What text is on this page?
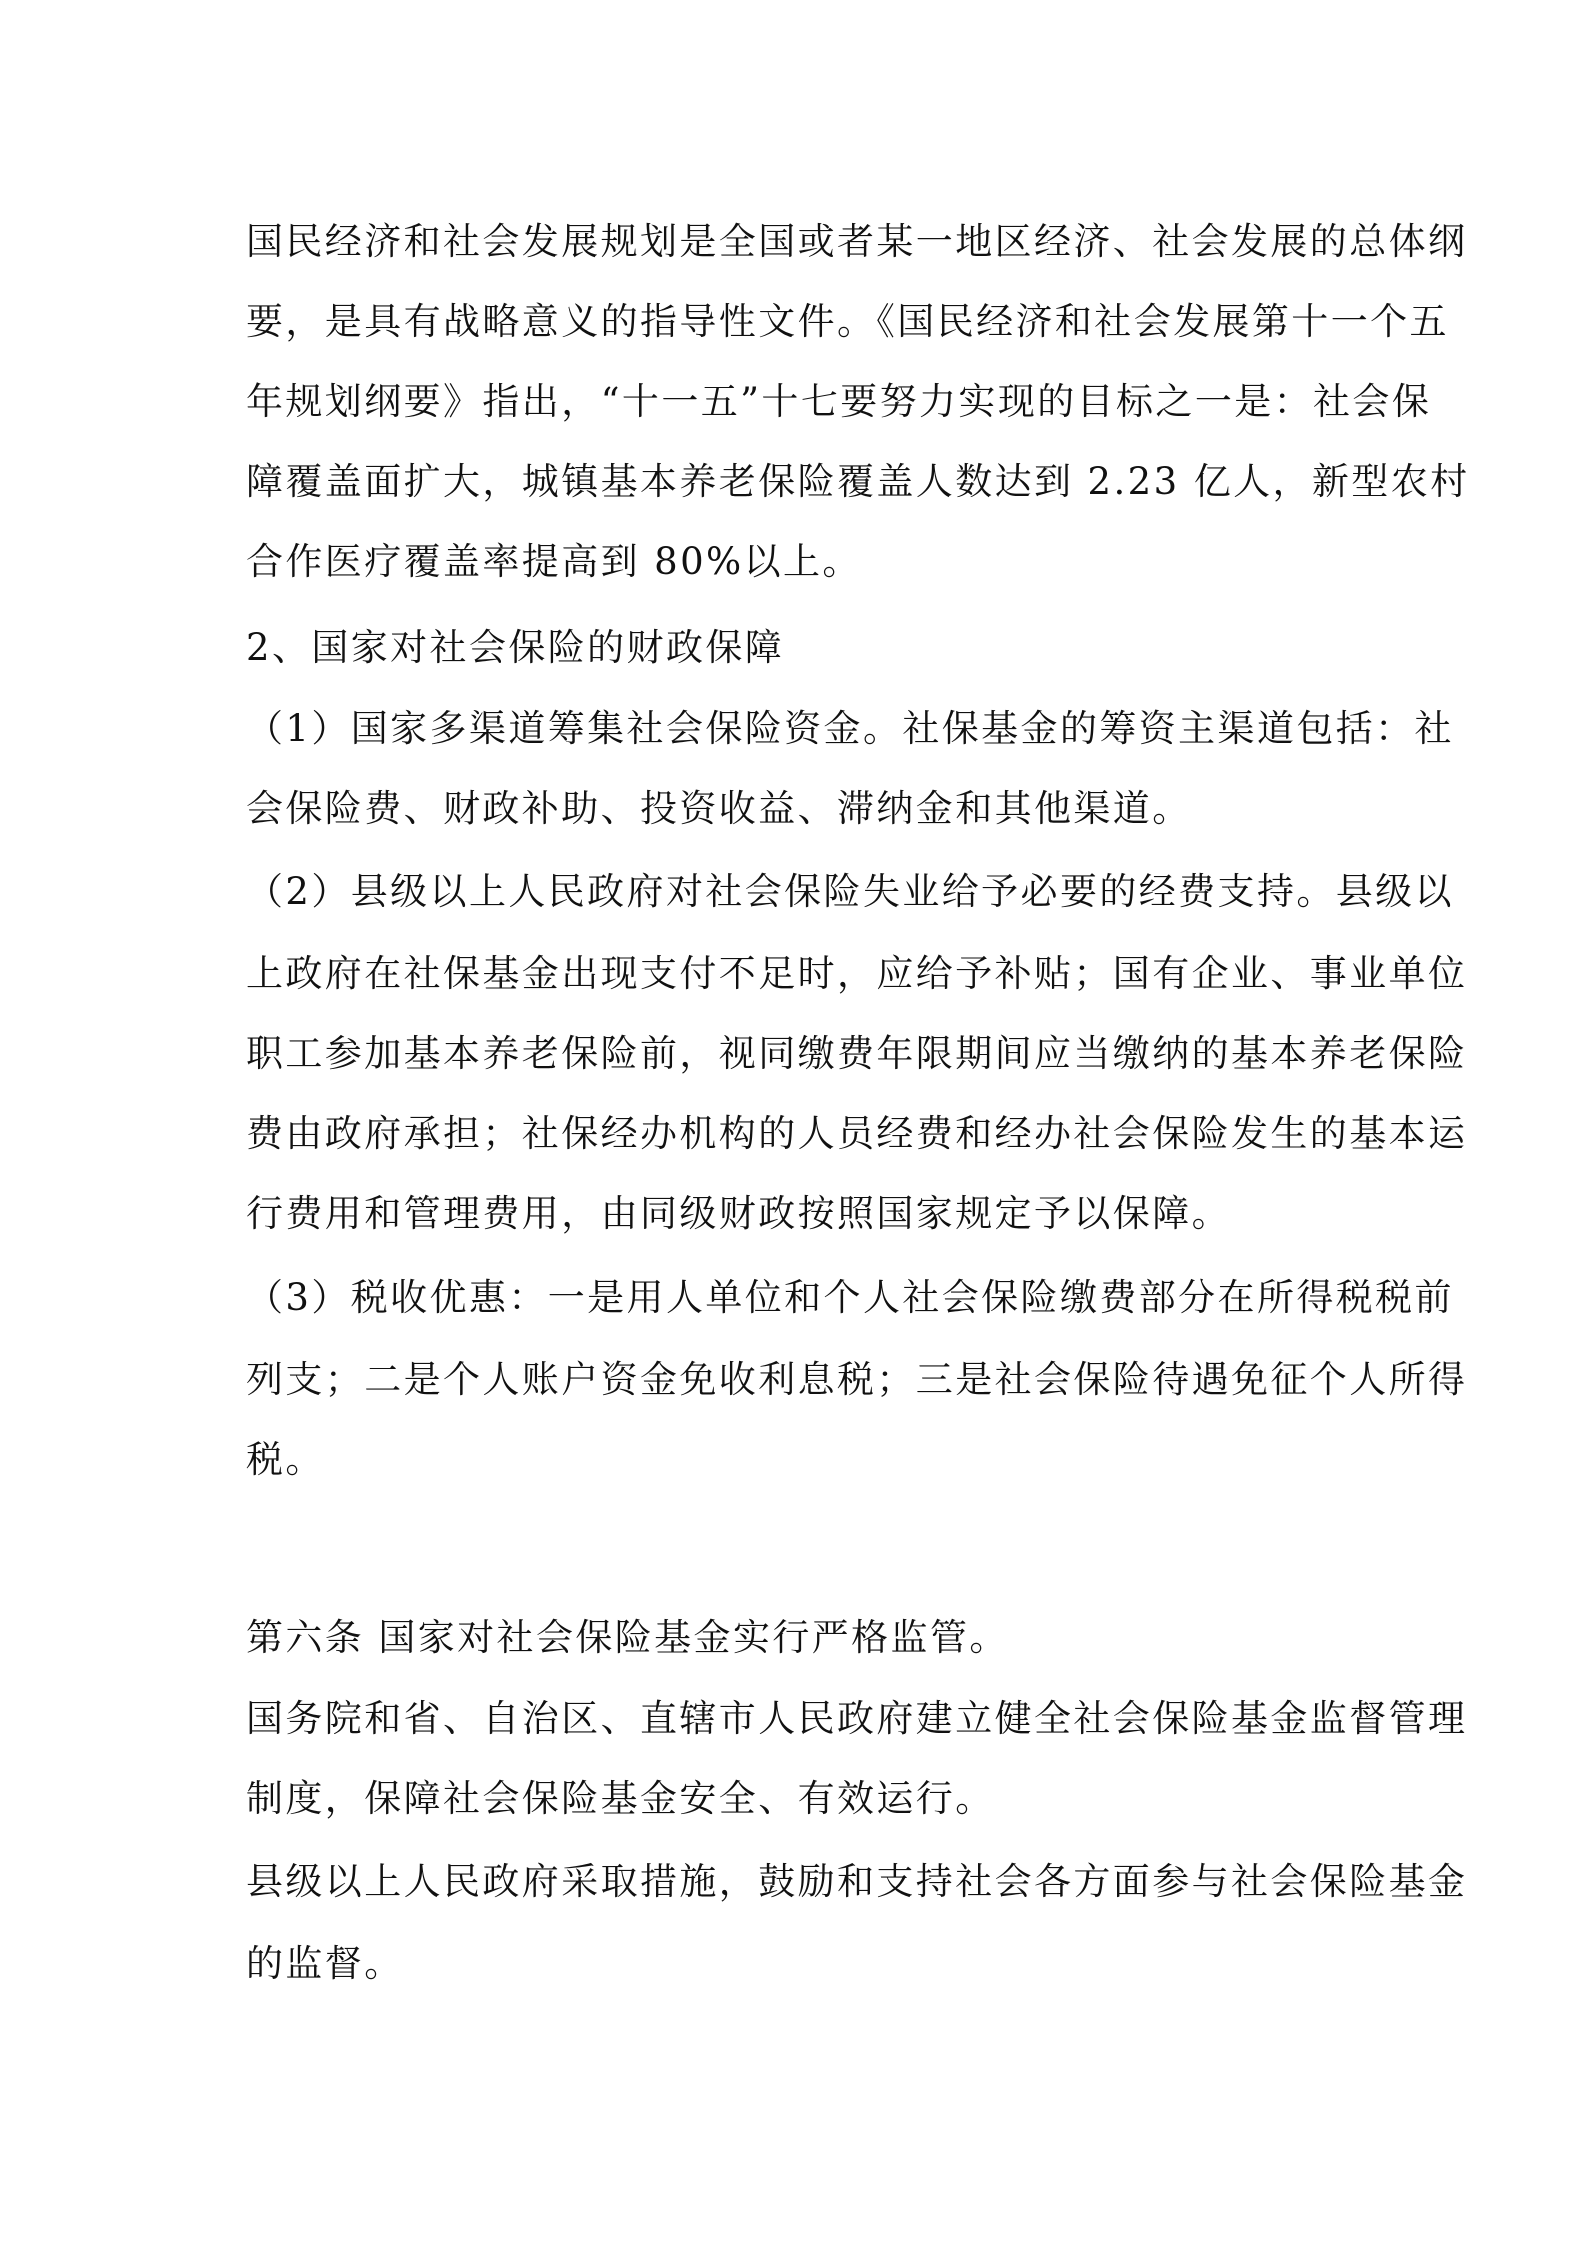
国民经济和社会发展规划是全国或者某一地区经济、社会发展的总体纲
要，是具有战略意义的指导性文件。《国民经济和社会发展第十一个五
年规划纲要》指出，“十一五”十七要努力实现的目标之一是：社会保
障覆盖面扩大，城镇基本养老保险覆盖人数达到 2.23 亿人，新型农村
合作医疗覆盖率提高到 80%以上。
2、国家对社会保险的财政保障
（1）国家多渠道筹集社会保险资金。社保基金的筹资主渠道包括：社
会保险费、财政补助、投资收益、滞纳金和其他渠道。
（2）县级以上人民政府对社会保险失业给予必要的经费支持。县级以
上政府在社保基金出现支付不足时，应给予补贴；国有企业、事业单位
职工参加基本养老保险前，视同缴费年限期间应当缴纳的基本养老保险
费由政府承担；社保经办机构的人员经费和经办社会保险发生的基本运
行费用和管理费用，由同级财政按照国家规定予以保障。
（3）税收优惠：一是用人单位和个人社会保险缴费部分在所得税税前
列支；二是个人账户资金免收利息税；三是社会保险待遇免征个人所得
税。
第六条 国家对社会保险基金实行严格监管。
国务院和省、自治区、直辖市人民政府建立健全社会保险基金监督管理
制度，保障社会保险基金安全、有效运行。
县级以上人民政府采取措施，鼓励和支持社会各方面参与社会保险基金
的监督。
